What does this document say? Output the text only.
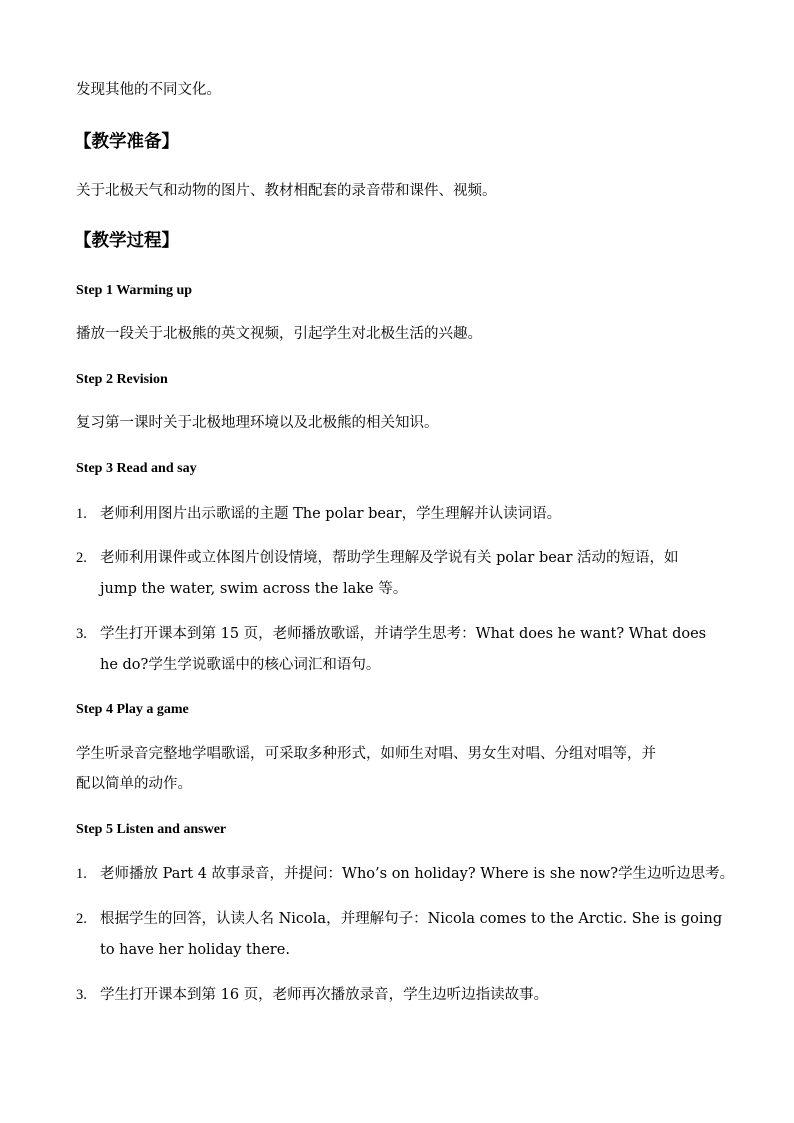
发现其他的不同文化。
【教学准备】
关于北极天气和动物的图片、教材相配套的录音带和课件、视频。
【教学过程】
Step 1 Warming up
播放一段关于北极熊的英文视频，引起学生对北极生活的兴趣。
Step 2 Revision
复习第一课时关于北极地理环境以及北极熊的相关知识。
Step 3 Read and say
1. 老师利用图片出示歌谣的主题 The polar bear，学生理解并认读词语。
2. 老师利用课件或立体图片创设情境，帮助学生理解及学说有关 polar bear 活动的短语，如
jump the water, swim across the lake 等。
3. 学生打开课本到第 15 页，老师播放歌谣，并请学生思考：What does he want? What does
he do?学生学说歌谣中的核心词汇和语句。
Step 4 Play a game
学生听录音完整地学唱歌谣，可采取多种形式，如师生对唱、男女生对唱、分组对唱等，并
配以简单的动作。
Step 5 Listen and answer
1. 老师播放 Part 4 故事录音，并提问：Who’s on holiday? Where is she now?学生边听边思考。
2. 根据学生的回答，认读人名 Nicola，并理解句子：Nicola comes to the Arctic. She is going
to have her holiday there.
3. 学生打开课本到第 16 页，老师再次播放录音，学生边听边指读故事。
